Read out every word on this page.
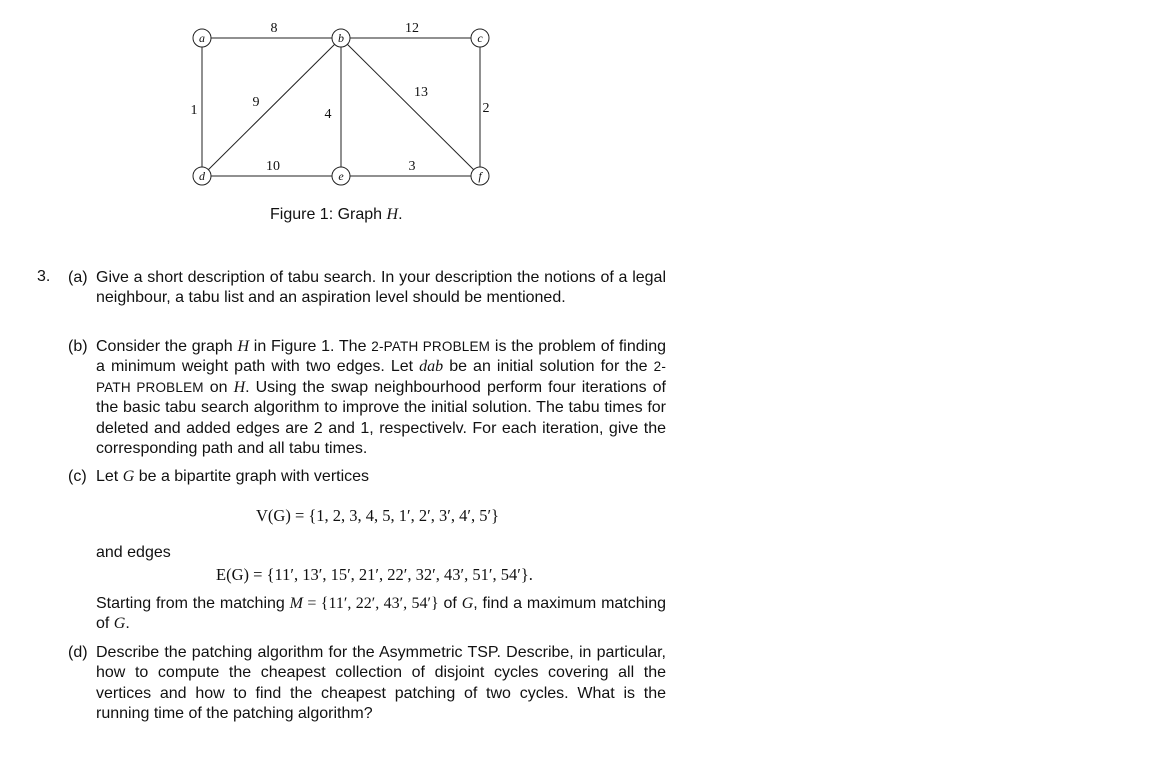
a	b	c
d	e	f
8	12
1
9
4
13
2
10	3
Figure 1: Graph H.
3. (a) Give a short description of tabu search. In your description the notions of a legal neighbour, a tabu list and an aspiration level should be mentioned.
(b) Consider the graph H in Figure 1. The 2-PATH PROBLEM is the problem of finding a minimum weight path with two edges. Let dab be an initial solution for the 2-PATH PROBLEM on H. Using the swap neighbourhood perform four iterations of the basic tabu search algorithm to improve the initial solution. The tabu times for deleted and added edges are 2 and 1, respectivelv. For each iteration, give the corresponding path and all tabu times.
(c) Let G be a bipartite graph with vertices
V(G) = {1, 2, 3, 4, 5, 1′, 2′, 3′, 4′, 5′}
and edges
E(G) = {11′, 13′, 15′, 21′, 22′, 32′, 43′, 51′, 54′}.
Starting from the matching M = {11′, 22′, 43′, 54′} of G, find a maximum matching of G.
(d) Describe the patching algorithm for the Asymmetric TSP. Describe, in particular, how to compute the cheapest collection of disjoint cycles covering all the vertices and how to find the cheapest patching of two cycles. What is the running time of the patching algorithm?
